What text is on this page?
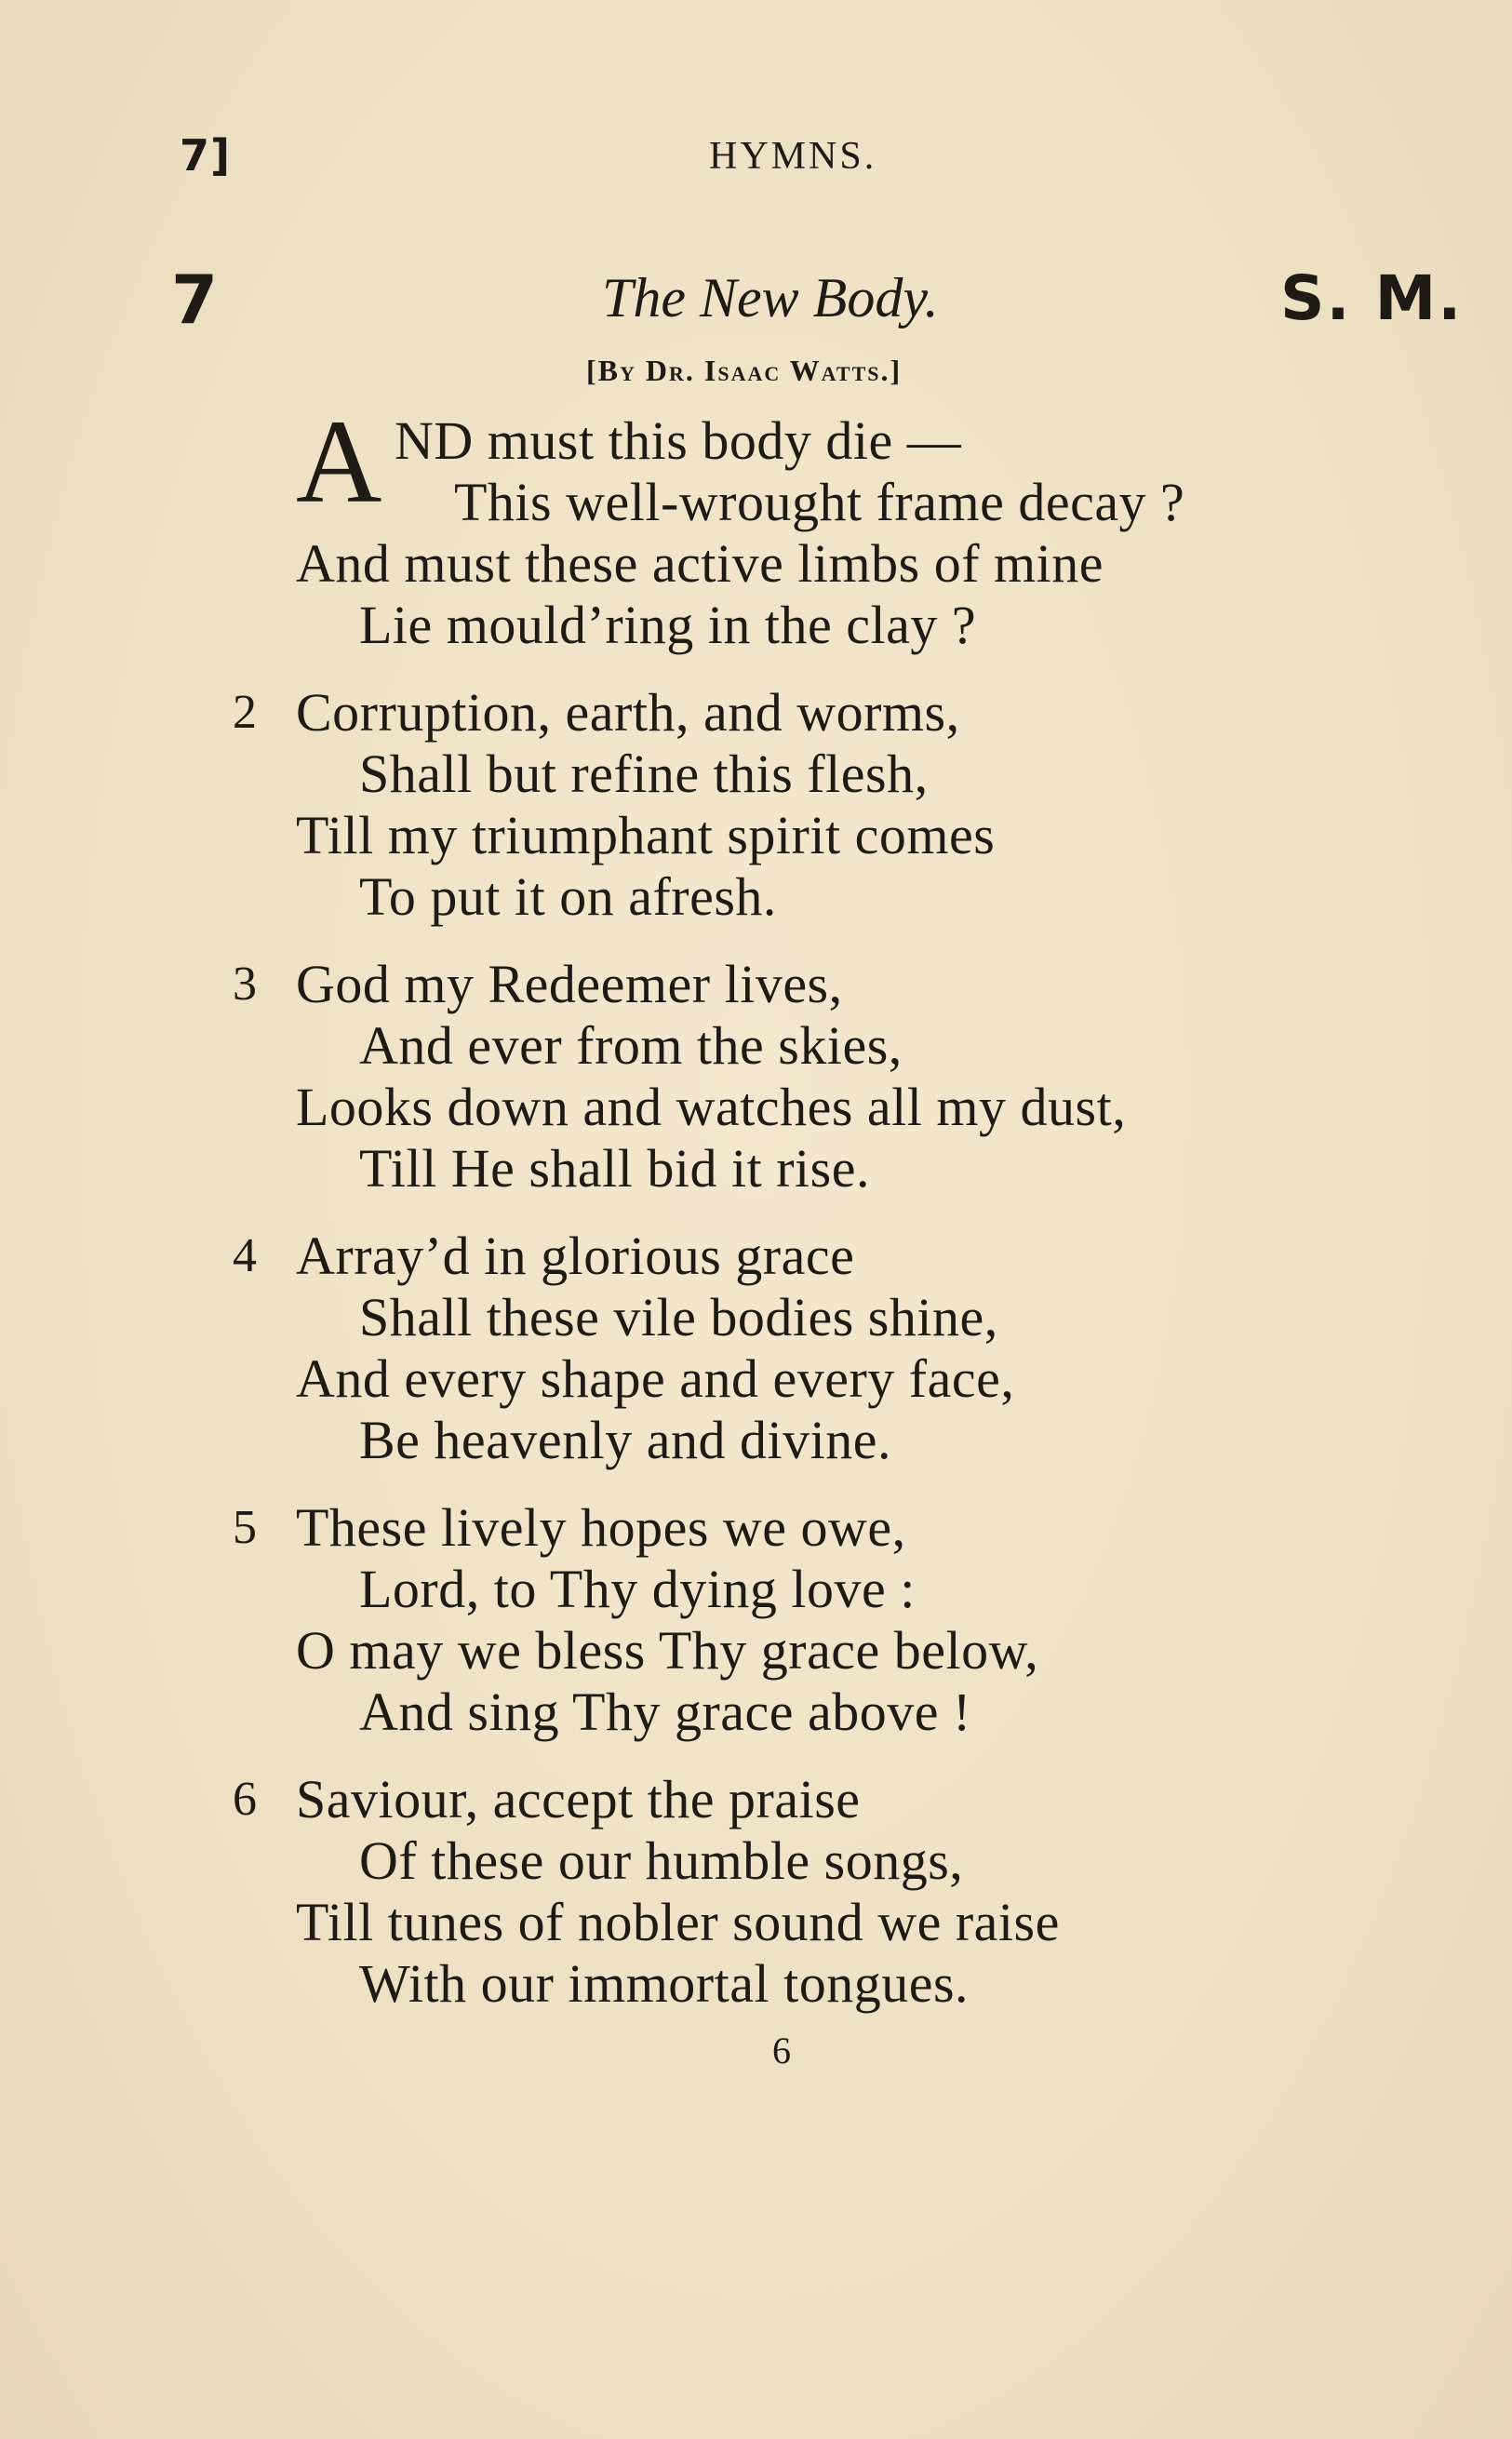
7]	HYMNS.
7	The New Body.	S. M.
[By Dr. Isaac Watts.]
A ND must this body die —
This well-wrought frame decay ?
And must these active limbs of mine
Lie mould’ring in the clay ?
2 Corruption, earth, and worms,
Shall but refine this flesh,
Till my triumphant spirit comes
To put it on afresh.
3 God my Redeemer lives,
And ever from the skies,
Looks down and watches all my dust,
Till He shall bid it rise.
4 Array’d in glorious grace
Shall these vile bodies shine,
And every shape and every face,
Be heavenly and divine.
5 These lively hopes we owe,
Lord, to Thy dying love :
O may we bless Thy grace below,
And sing Thy grace above !
6 Saviour, accept the praise
Of these our humble songs,
Till tunes of nobler sound we raise
With our immortal tongues.
6
